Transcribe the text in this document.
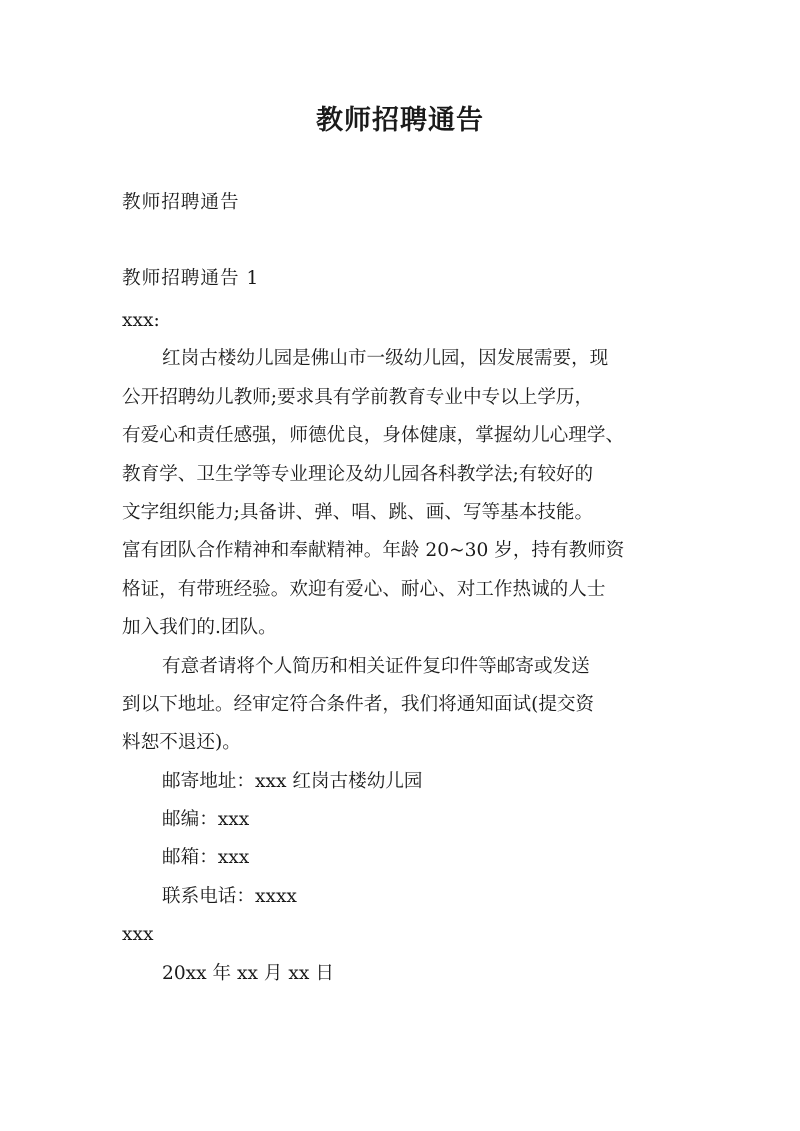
教师招聘通告
教师招聘通告
教师招聘通告 1
xxx:
红岗古楼幼儿园是佛山市一级幼儿园，因发展需要，现
公开招聘幼儿教师;要求具有学前教育专业中专以上学历，
有爱心和责任感强，师德优良，身体健康，掌握幼儿心理学、
教育学、卫生学等专业理论及幼儿园各科教学法;有较好的
文字组织能力;具备讲、弹、唱、跳、画、写等基本技能。
富有团队合作精神和奉献精神。年龄 20~30 岁，持有教师资
格证，有带班经验。欢迎有爱心、耐心、对工作热诚的人士
加入我们的.团队。
有意者请将个人简历和相关证件复印件等邮寄或发送
到以下地址。经审定符合条件者，我们将通知面试(提交资
料恕不退还)。
邮寄地址：xxx 红岗古楼幼儿园
邮编：xxx
邮箱：xxx
联系电话：xxxx
xxx
20xx 年 xx 月 xx 日
